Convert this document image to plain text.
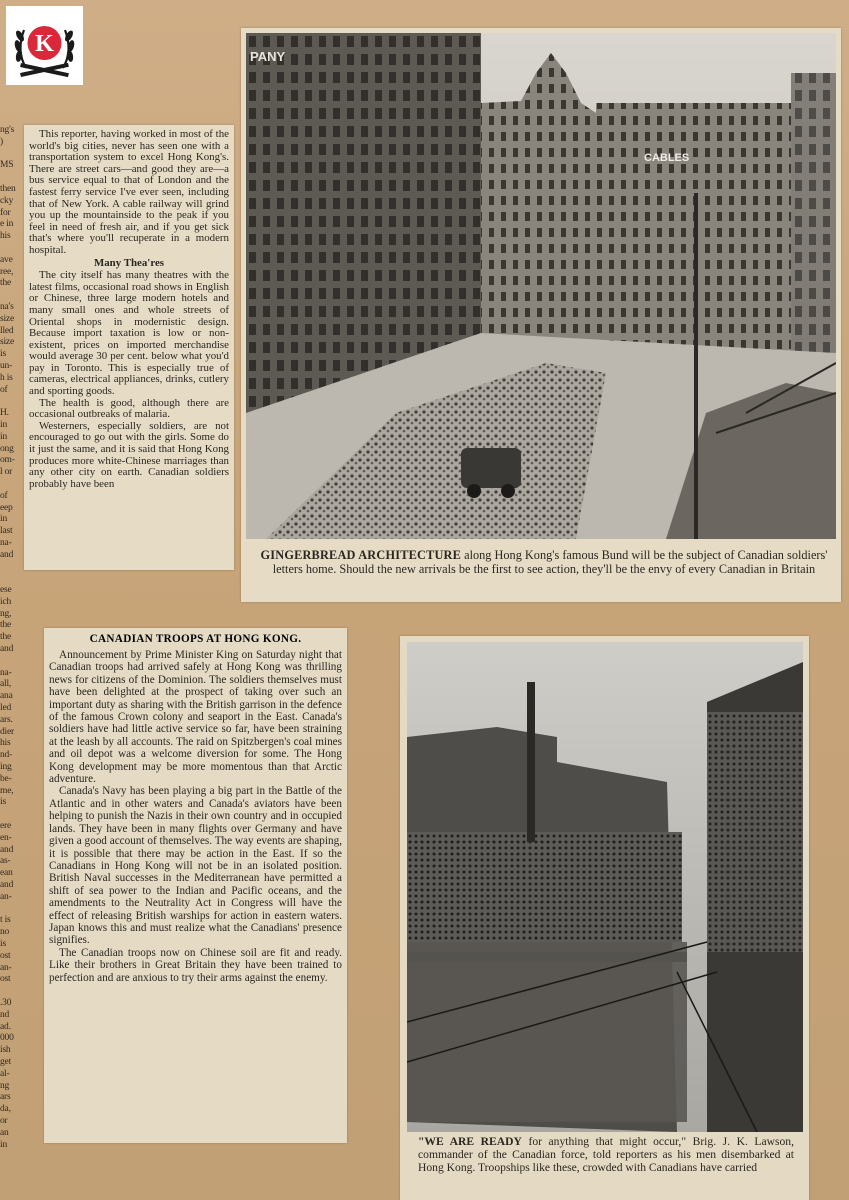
K
ng's
)

MS

then
cky
for
e in
his

ave
ree,
the

na's
size
lled
size
is
un-
h is
of

H.
in
in
ong
om-
l or

of
eep
in
last
na-
and

ese
ich
ng,
the
the
and

na-
all,
ana
led
ars.
dier
his
nd-
ing
be-
me,
is

ere
en-
and
as-
ean
and
an-

t is
no
is
ost
an-
ost

.30
nd
ad.
000
ish
get
al-
ng
ars
da,
or
an
in

This reporter, having worked in most of the world's big cities, never has seen one with a transportation system to excel Hong Kong's. There are street cars—and good they are—a bus service equal to that of London and the fastest ferry service I've ever seen, including that of New York. A cable railway will grind you up the mountainside to the peak if you feel in need of fresh air, and if you get sick that's where you'll recuperate in a modern hospital.

Many Thea'res

The city itself has many theatres with the latest films, occasional road shows in English or Chinese, three large modern hotels and many small ones and whole streets of Oriental shops in modernistic design. Because import taxation is low or non-existent, prices on imported merchandise would average 30 per cent. below what you'd pay in Toronto. This is especially true of cameras, electrical appliances, drinks, cutlery and sporting goods.

The health is good, although there are occasional outbreaks of malaria.

Westerners, especially soldiers, are not encouraged to go out with the girls. Some do it just the same, and it is said that Hong Kong produces more white-Chinese marriages than any other city on earth. Canadian soldiers probably have been

PANY
CABLES
GINGERBREAD ARCHITECTURE along Hong Kong's famous Bund will be the subject of Canadian soldiers' letters home. Should the new arrivals be the first to see action, they'll be the envy of every Canadian in Britain
CANADIAN TROOPS AT HONG KONG.

Announcement by Prime Minister King on Saturday night that Canadian troops had arrived safely at Hong Kong was thrilling news for citizens of the Dominion. The soldiers themselves must have been delighted at the prospect of taking over such an important duty as sharing with the British garrison in the defence of the famous Crown colony and seaport in the East. Canada's soldiers have had little active service so far, have been straining at the leash by all accounts. The raid on Spitzbergen's coal mines and oil depot was a welcome diversion for some. The Hong Kong development may be more momentous than that Arctic adventure.

Canada's Navy has been playing a big part in the Battle of the Atlantic and in other waters and Canada's aviators have been helping to punish the Nazis in their own country and in occupied lands. They have been in many flights over Germany and have given a good account of themselves. The way events are shaping, it is possible that there may be action in the East. If so the Canadians in Hong Kong will not be in an isolated position. British Naval successes in the Mediterranean have permitted a shift of sea power to the Indian and Pacific oceans, and the amendments to the Neutrality Act in Congress will have the effect of releasing British warships for action in eastern waters. Japan knows this and must realize what the Canadians' presence signifies.

The Canadian troops now on Chinese soil are fit and ready. Like their brothers in Great Britain they have been trained to perfection and are anxious to try their arms against the enemy.

"WE ARE READY for anything that might occur," Brig. J. K. Lawson, commander of the Canadian force, told reporters as his men disembarked at Hong Kong. Troopships like these, crowded with Canadians have carried
